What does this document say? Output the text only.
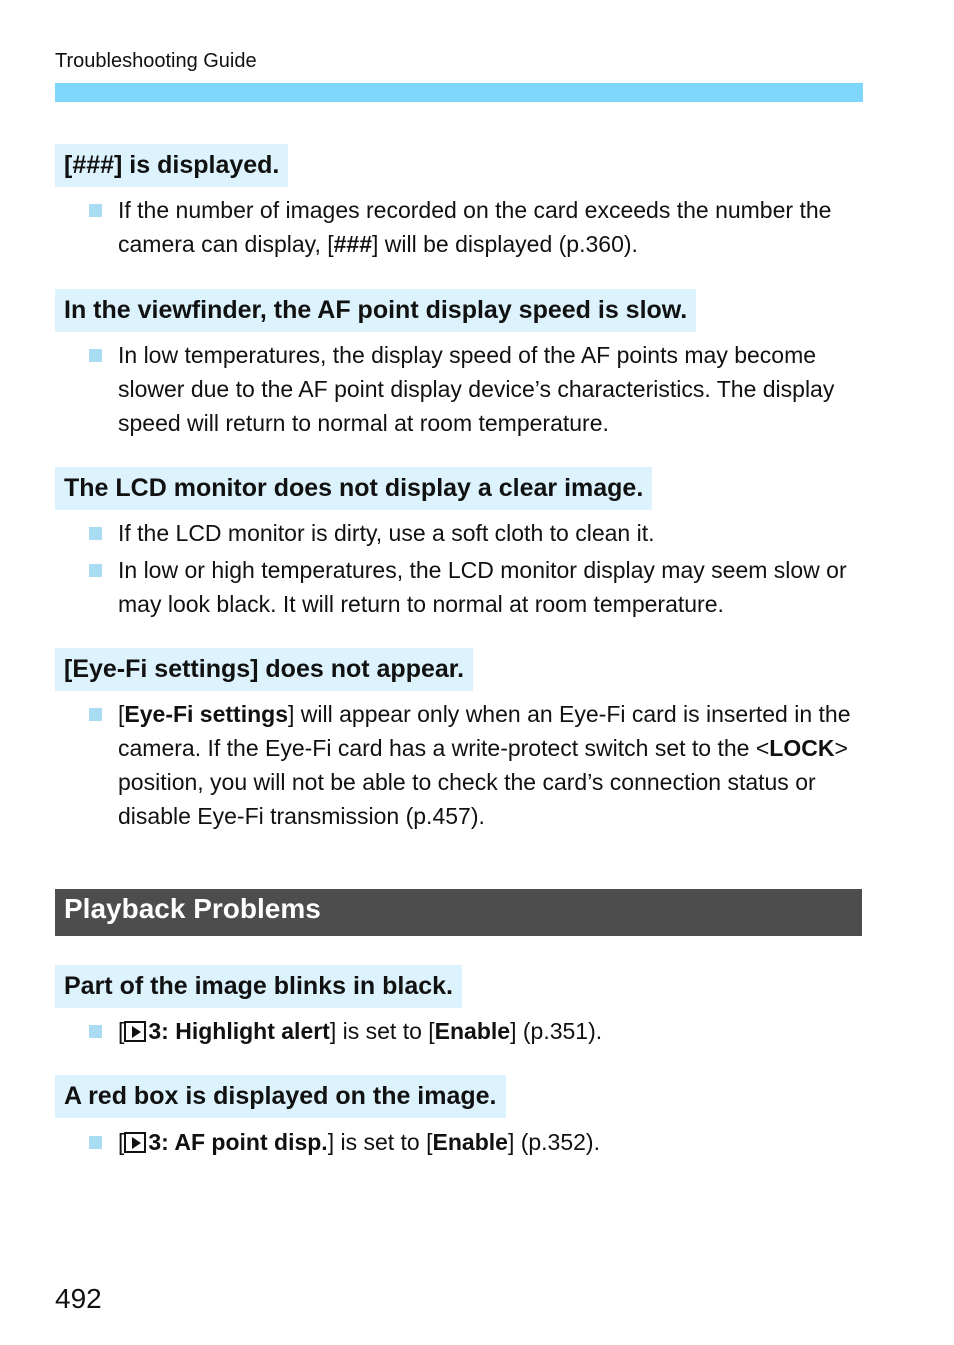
Troubleshooting Guide
[###] is displayed.
If the number of images recorded on the card exceeds the number the camera can display, [###] will be displayed (p.360).
In the viewfinder, the AF point display speed is slow.
In low temperatures, the display speed of the AF points may become slower due to the AF point display device’s characteristics. The display speed will return to normal at room temperature.
The LCD monitor does not display a clear image.
If the LCD monitor is dirty, use a soft cloth to clean it.
In low or high temperatures, the LCD monitor display may seem slow or may look black. It will return to normal at room temperature.
[Eye-Fi settings] does not appear.
[Eye-Fi settings] will appear only when an Eye-Fi card is inserted in the camera. If the Eye-Fi card has a write-protect switch set to the <LOCK> position, you will not be able to check the card’s connection status or disable Eye-Fi transmission (p.457).
Playback Problems
Part of the image blinks in black.
[ 3: Highlight alert] is set to [Enable] (p.351).
A red box is displayed on the image.
[ 3: AF point disp.] is set to [Enable] (p.352).
492
